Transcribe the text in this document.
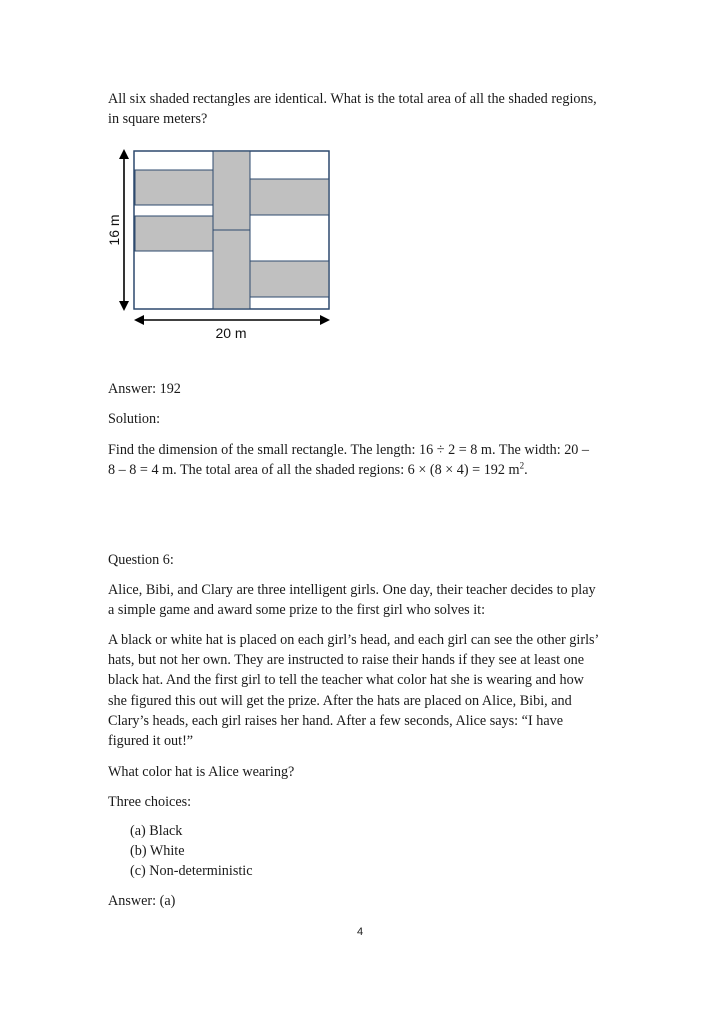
All six shaded rectangles are identical. What is the total area of all the shaded regions,

in square meters?

16 m
20 m

Answer: 192

Solution:

Find the dimension of the small rectangle. The length: 16 ÷ 2 = 8 m. The width: 20 –

8 – 8 = 4 m. The total area of all the shaded regions: 6 × (8 × 4) = 192 $m^2$.

Question 6:

Alice, Bibi, and Clary are three intelligent girls. One day, their teacher decides to play

a simple game and award some prize to the first girl who solves it:

A black or white hat is placed on each girl’s head, and each girl can see the other girls’

hats, but not her own. They are instructed to raise their hands if they see at least one

black hat. And the first girl to tell the teacher what color hat she is wearing and how

she figured this out will get the prize. After the hats are placed on Alice, Bibi, and

Clary’s heads, each girl raises her hand. After a few seconds, Alice says: “I have

figured it out!”

What color hat is Alice wearing?

Three choices:

(a) Black
(b) White
(c) Non-deterministic

Answer: (a)

4
